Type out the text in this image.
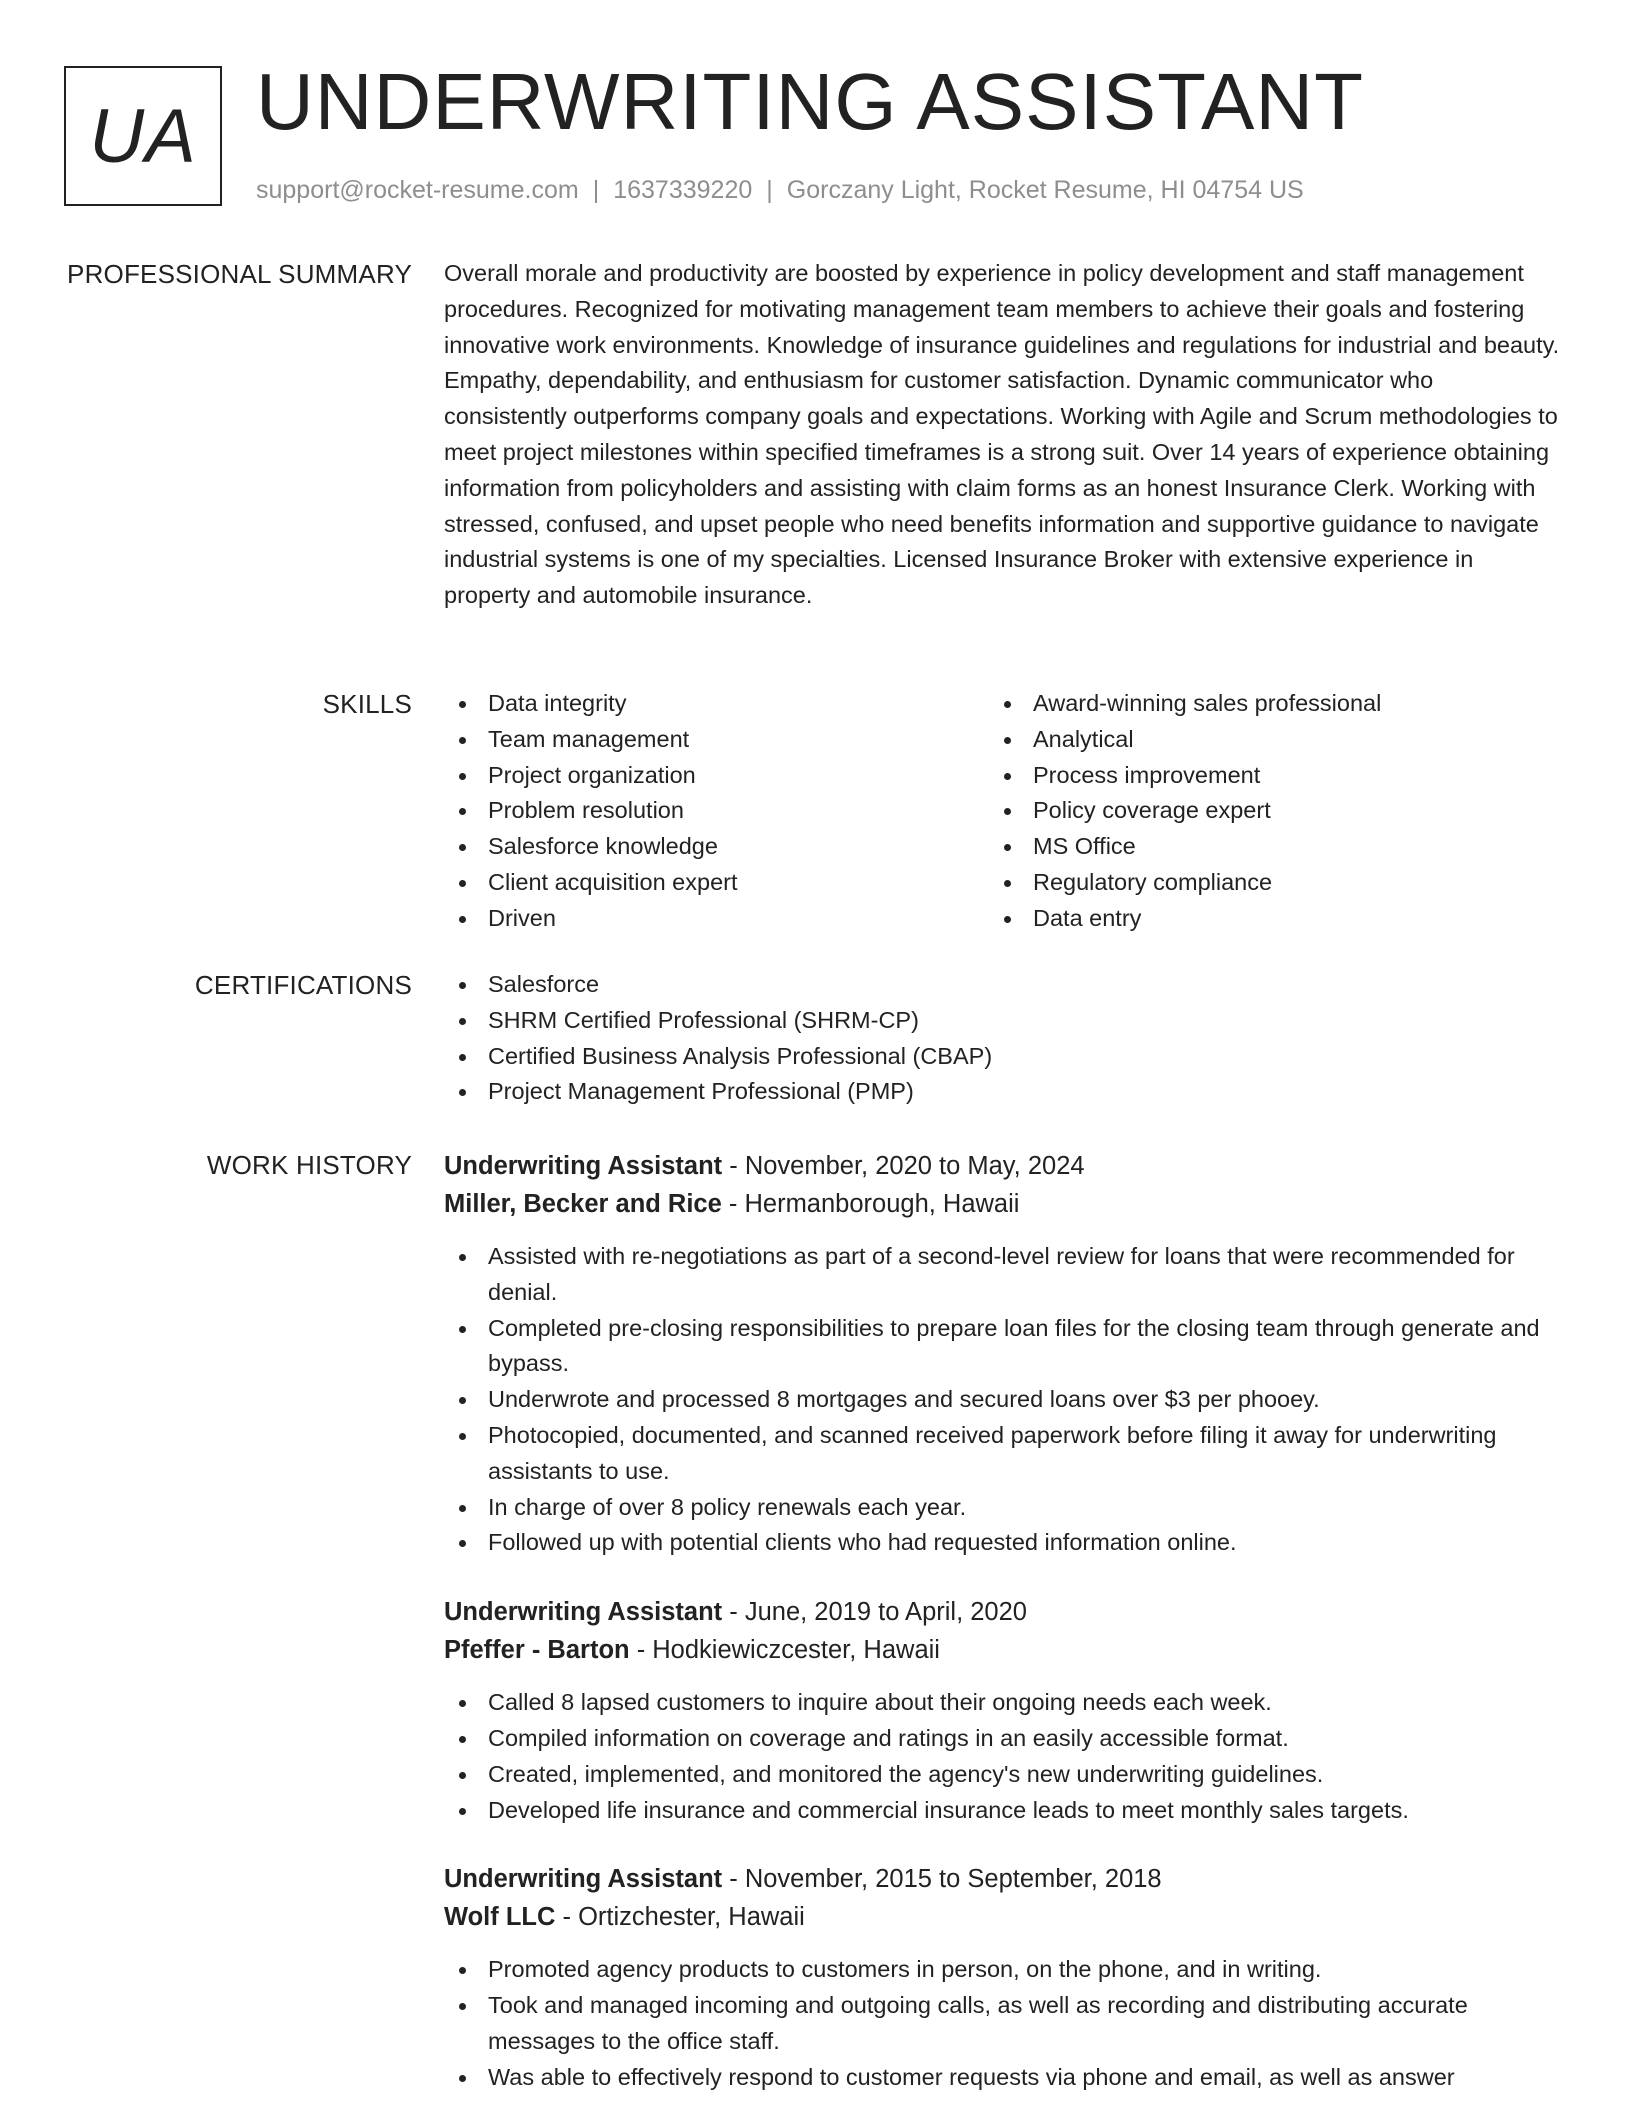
UA UNDERWRITING ASSISTANT
support@rocket-resume.com | 1637339220 | Gorczany Light, Rocket Resume, HI 04754 US
PROFESSIONAL SUMMARY Overall morale and productivity are boosted by experience in policy development and staff management procedures. Recognized for motivating management team members to achieve their goals and fostering innovative work environments. Knowledge of insurance guidelines and regulations for industrial and beauty. Empathy, dependability, and enthusiasm for customer satisfaction. Dynamic communicator who consistently outperforms company goals and expectations. Working with Agile and Scrum methodologies to meet project milestones within specified timeframes is a strong suit. Over 14 years of experience obtaining information from policyholders and assisting with claim forms as an honest Insurance Clerk. Working with stressed, confused, and upset people who need benefits information and supportive guidance to navigate industrial systems is one of my specialties. Licensed Insurance Broker with extensive experience in property and automobile insurance.

SKILLS	Data integrity
Team management
Project organization
Problem resolution
Salesforce knowledge
Client acquisition expert
Driven
Award-winning sales professional
Analytical
Process improvement
Policy coverage expert
MS Office
Regulatory compliance
Data entry
CERTIFICATIONS	Salesforce
SHRM Certified Professional (SHRM-CP)
Certified Business Analysis Professional (CBAP)
Project Management Professional (PMP)
WORK HISTORY Underwriting Assistant - November, 2020 to May, 2024
Miller, Becker and Rice - Hermanborough, Hawaii
Assisted with re-negotiations as part of a second-level review for loans that were recommended for denial.
Completed pre-closing responsibilities to prepare loan files for the closing team through generate and bypass.
Underwrote and processed 8 mortgages and secured loans over $3 per phooey.
Photocopied, documented, and scanned received paperwork before filing it away for underwriting assistants to use.
In charge of over 8 policy renewals each year.
Followed up with potential clients who had requested information online.
Underwriting Assistant - June, 2019 to April, 2020
Pfeffer - Barton - Hodkiewiczcester, Hawaii
Called 8 lapsed customers to inquire about their ongoing needs each week.
Compiled information on coverage and ratings in an easily accessible format.
Created, implemented, and monitored the agency's new underwriting guidelines.
Developed life insurance and commercial insurance leads to meet monthly sales targets.
Underwriting Assistant - November, 2015 to September, 2018
Wolf LLC - Ortizchester, Hawaii
Promoted agency products to customers in person, on the phone, and in writing.
Took and managed incoming and outgoing calls, as well as recording and distributing accurate messages to the office staff.
Was able to effectively respond to customer requests via phone and email, as well as answer
